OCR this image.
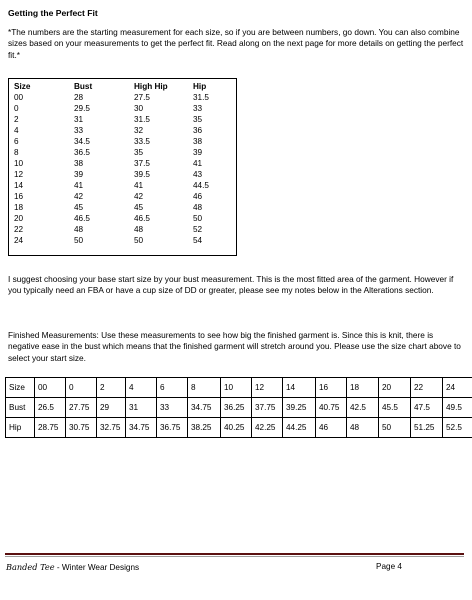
Getting the Perfect Fit
*The numbers are the starting measurement for each size, so if you are between numbers, go down. You can also combine sizes based on your measurements to get the perfect fit. Read along on the next page for more details on getting the perfect fit.*
Size	Bust	High Hip	Hip
00	28	27.5	31.5
0	29.5	30	33
2	31	31.5	35
4	33	32	36
6	34.5	33.5	38
8	36.5	35	39
10	38	37.5	41
12	39	39.5	43
14	41	41	44.5
16	42	42	46
18	45	45	48
20	46.5	46.5	50
22	48	48	52
24	50	50	54
I suggest choosing your base start size by your bust measurement. This is the most fitted area of the garment. However if you typically need an FBA or have a cup size of DD or greater, please see my notes below in the Alterations section.
Finished Measurements: Use these measurements to see how big the finished garment is. Since this is knit, there is negative ease in the bust which means that the finished garment will stretch around you. Please use the size chart above to select your start size.
Size	00	0	2	4	6	8	10	12	14	16	18	20	22	24
Bust	26.5	27.75	29	31	33	34.75	36.25	37.75	39.25	40.75	42.5	45.5	47.5	49.5
Hip	28.75	30.75	32.75	34.75	36.75	38.25	40.25	42.25	44.25	46	48	50	51.25	52.5
Banded Tee - Winter Wear Designs	Page 4
